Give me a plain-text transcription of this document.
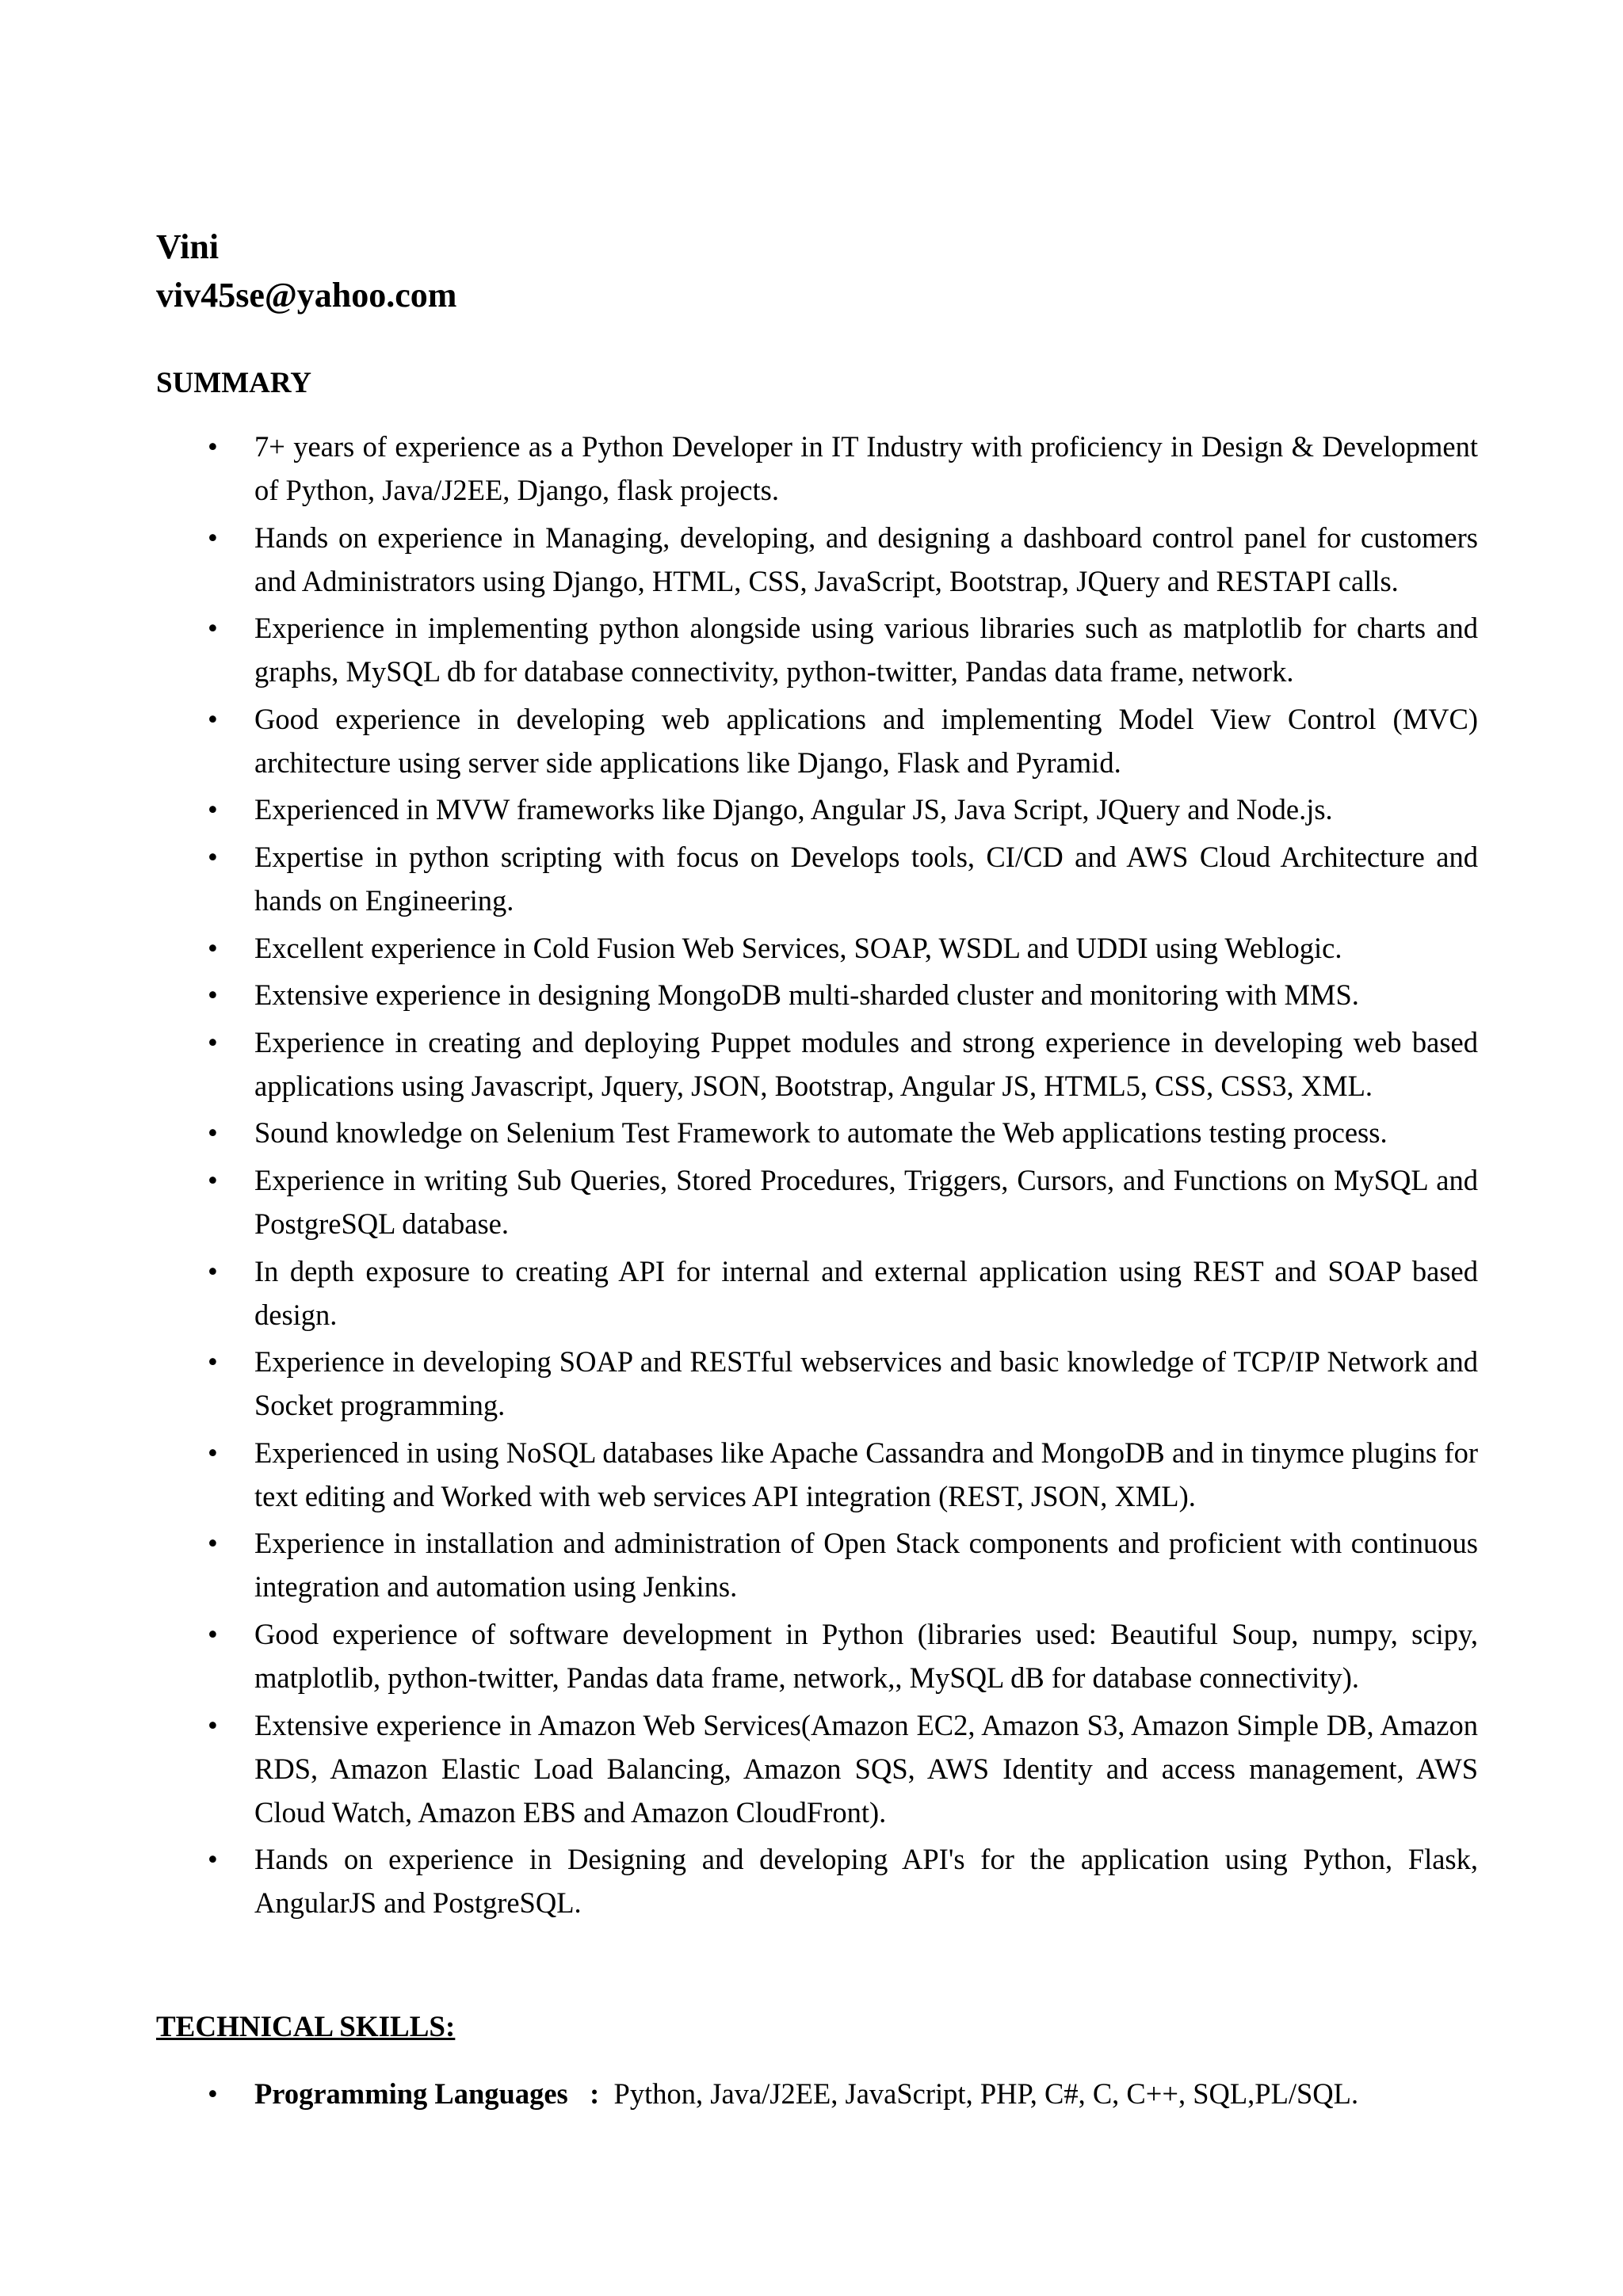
Vini
viv45se@yahoo.com
SUMMARY
•	7+ years of experience as a Python Developer in IT Industry with proficiency in Design & Development of Python, Java/J2EE, Django, flask projects.
•	Hands on experience in Managing, developing, and designing a dashboard control panel for customers and Administrators using Django, HTML, CSS, JavaScript, Bootstrap, JQuery and RESTAPI calls.
•	Experience in implementing python alongside using various libraries such as matplotlib for charts and graphs, MySQL db for database connectivity, python-twitter, Pandas data frame, network.
•	Good experience in developing web applications and implementing Model View Control (MVC) architecture using server side applications like Django, Flask and Pyramid.
•	Experienced in MVW frameworks like Django, Angular JS, Java Script, JQuery and Node.js.
•	Expertise in python scripting with focus on Develops tools, CI/CD and AWS Cloud Architecture and hands on Engineering.
•	Excellent experience in Cold Fusion Web Services, SOAP, WSDL and UDDI using Weblogic.
•	Extensive experience in designing MongoDB multi-sharded cluster and monitoring with MMS.
•	Experience in creating and deploying Puppet modules and strong experience in developing web based applications using Javascript, Jquery, JSON, Bootstrap, Angular JS, HTML5, CSS, CSS3, XML.
•	Sound knowledge on Selenium Test Framework to automate the Web applications testing process.
•	Experience in writing Sub Queries, Stored Procedures, Triggers, Cursors, and Functions on MySQL and PostgreSQL database.
•	In depth exposure to creating API for internal and external application using REST and SOAP based design.
•	Experience in developing SOAP and RESTful webservices and basic knowledge of TCP/IP Network and Socket programming.
•	Experienced in using NoSQL databases like Apache Cassandra and MongoDB and in tinymce plugins for text editing and Worked with web services API integration (REST, JSON, XML).
•	Experience in installation and administration of Open Stack components and proficient with continuous integration and automation using Jenkins.
•	Good experience of software development in Python (libraries used: Beautiful Soup, numpy, scipy, matplotlib, python-twitter, Pandas data frame, network,, MySQL dB for database connectivity).
•	Extensive experience in Amazon Web Services(Amazon EC2, Amazon S3, Amazon Simple DB, Amazon RDS, Amazon Elastic Load Balancing, Amazon SQS, AWS Identity and access management, AWS Cloud Watch, Amazon EBS and Amazon CloudFront).
•	Hands on experience in Designing and developing API's for the application using Python, Flask, AngularJS and PostgreSQL.
TECHNICAL SKILLS:
•	Programming Languages   :  Python, Java/J2EE, JavaScript, PHP, C#, C, C++, SQL,PL/SQL.
